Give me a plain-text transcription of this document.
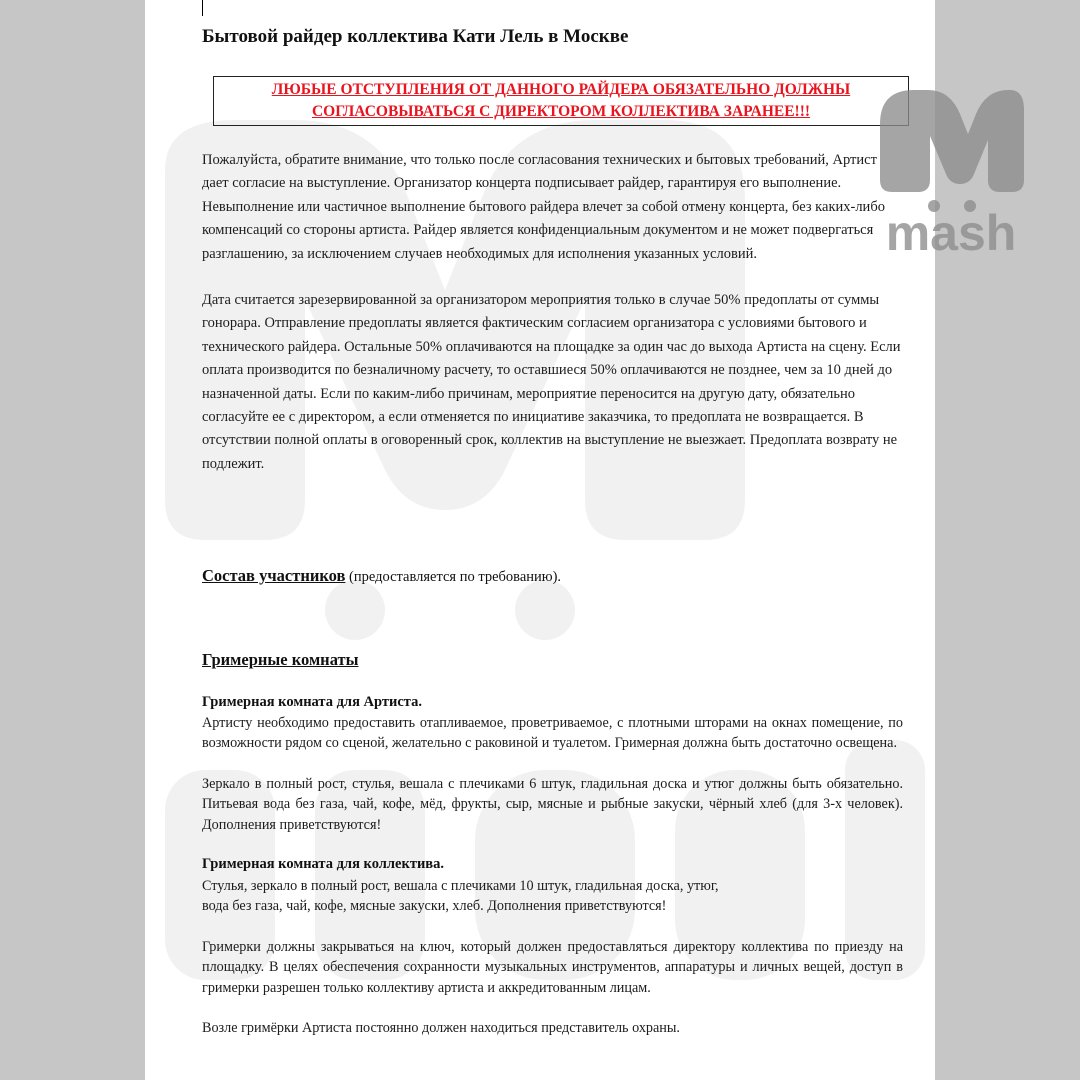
Бытовой райдер коллектива Кати Лель в Москве
ЛЮБЫЕ ОТСТУПЛЕНИЯ ОТ ДАННОГО РАЙДЕРА ОБЯЗАТЕЛЬНО ДОЛЖНЫ СОГЛАСОВЫВАТЬСЯ С ДИРЕКТОРОМ КОЛЛЕКТИВА ЗАРАНЕЕ!!!

Пожалуйста, обратите внимание, что только после согласования технических и бытовых требований, Артист дает согласие на выступление. Организатор концерта подписывает райдер, гарантируя его выполнение. Невыполнение или частичное выполнение бытового райдера влечет за собой отмену концерта, без каких-либо компенсаций со стороны артиста. Райдер является конфиденциальным документом и не может подвергаться разглашению, за исключением случаев необходимых для исполнения указанных условий.

Дата считается зарезервированной за организатором мероприятия только в случае 50% предоплаты от суммы гонорара. Отправление предоплаты является фактическим согласием организатора с условиями бытового и технического райдера. Остальные 50% оплачиваются на площадке за один час до выхода Артиста на сцену. Если оплата производится по безналичному расчету, то оставшиеся 50% оплачиваются не позднее, чем за 10 дней до назначенной даты. Если по каким-либо причинам, мероприятие переносится на другую дату, обязательно согласуйте ее с директором, а если отменяется по инициативе заказчика, то предоплата не возвращается. В отсутствии полной оплаты в оговоренный срок, коллектив на выступление не выезжает. Предоплата возврату не подлежит.

Состав участников (предоставляется по требованию).

Гримерные комнаты

Гримерная комната для Артиста.

Артисту необходимо предоставить отапливаемое, проветриваемое, с плотными шторами на окнах помещение, по возможности рядом со сценой, желательно с раковиной и туалетом. Гримерная должна быть достаточно освещена.

Зеркало в полный рост, стулья, вешала с плечиками 6 штук, гладильная доска и утюг должны быть обязательно. Питьевая вода без газа, чай, кофе, мёд, фрукты, сыр, мясные и рыбные закуски, чёрный хлеб (для 3-х человек). Дополнения приветствуются!

Гримерная комната для коллектива.

Стулья, зеркало в полный рост, вешала с плечиками 10 штук, гладильная доска, утюг,

вода без газа, чай, кофе, мясные закуски, хлеб. Дополнения приветствуются!

Гримерки должны закрываться на ключ, который должен предоставляться директору коллектива по приезду на площадку. В целях обеспечения сохранности музыкальных инструментов, аппаратуры и личных вещей, доступ в гримерки разрешен только коллективу артиста и аккредитованным лицам.

Возле гримёрки Артиста постоянно должен находиться представитель охраны.

mash
